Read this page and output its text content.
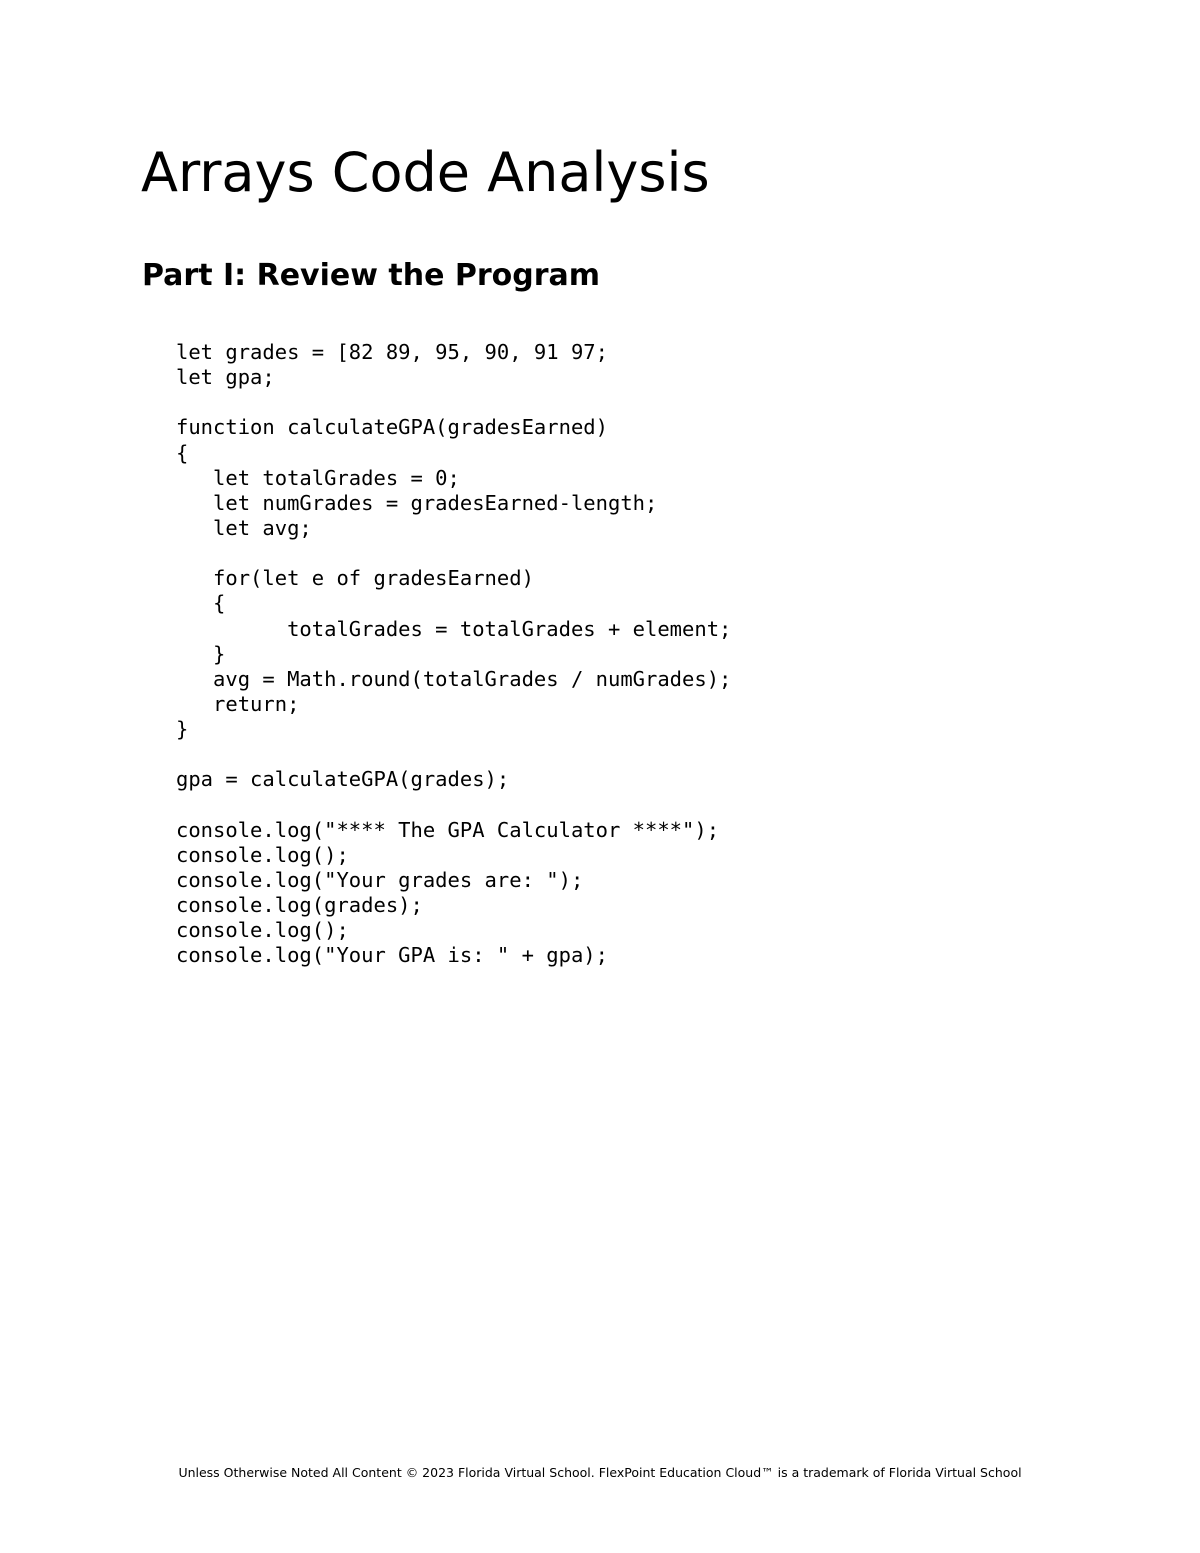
Arrays Code Analysis
Part I: Review the Program
let grades = [82 89, 95, 90, 91 97;
let gpa;
function calculateGPA(gradesEarned)
{
let totalGrades = 0;
let numGrades = gradesEarned-length;
let avg;
for(let e of gradesEarned)
{
totalGrades = totalGrades + element;
}
avg = Math.round(totalGrades / numGrades);
return;
}
gpa = calculateGPA(grades);
console.log("**** The GPA Calculator ****");
console.log();
console.log("Your grades are: ");
console.log(grades);
console.log();
console.log("Your GPA is: " + gpa);
Unless Otherwise Noted All Content © 2023 Florida Virtual School. FlexPoint Education Cloud™ is a trademark of Florida Virtual School
